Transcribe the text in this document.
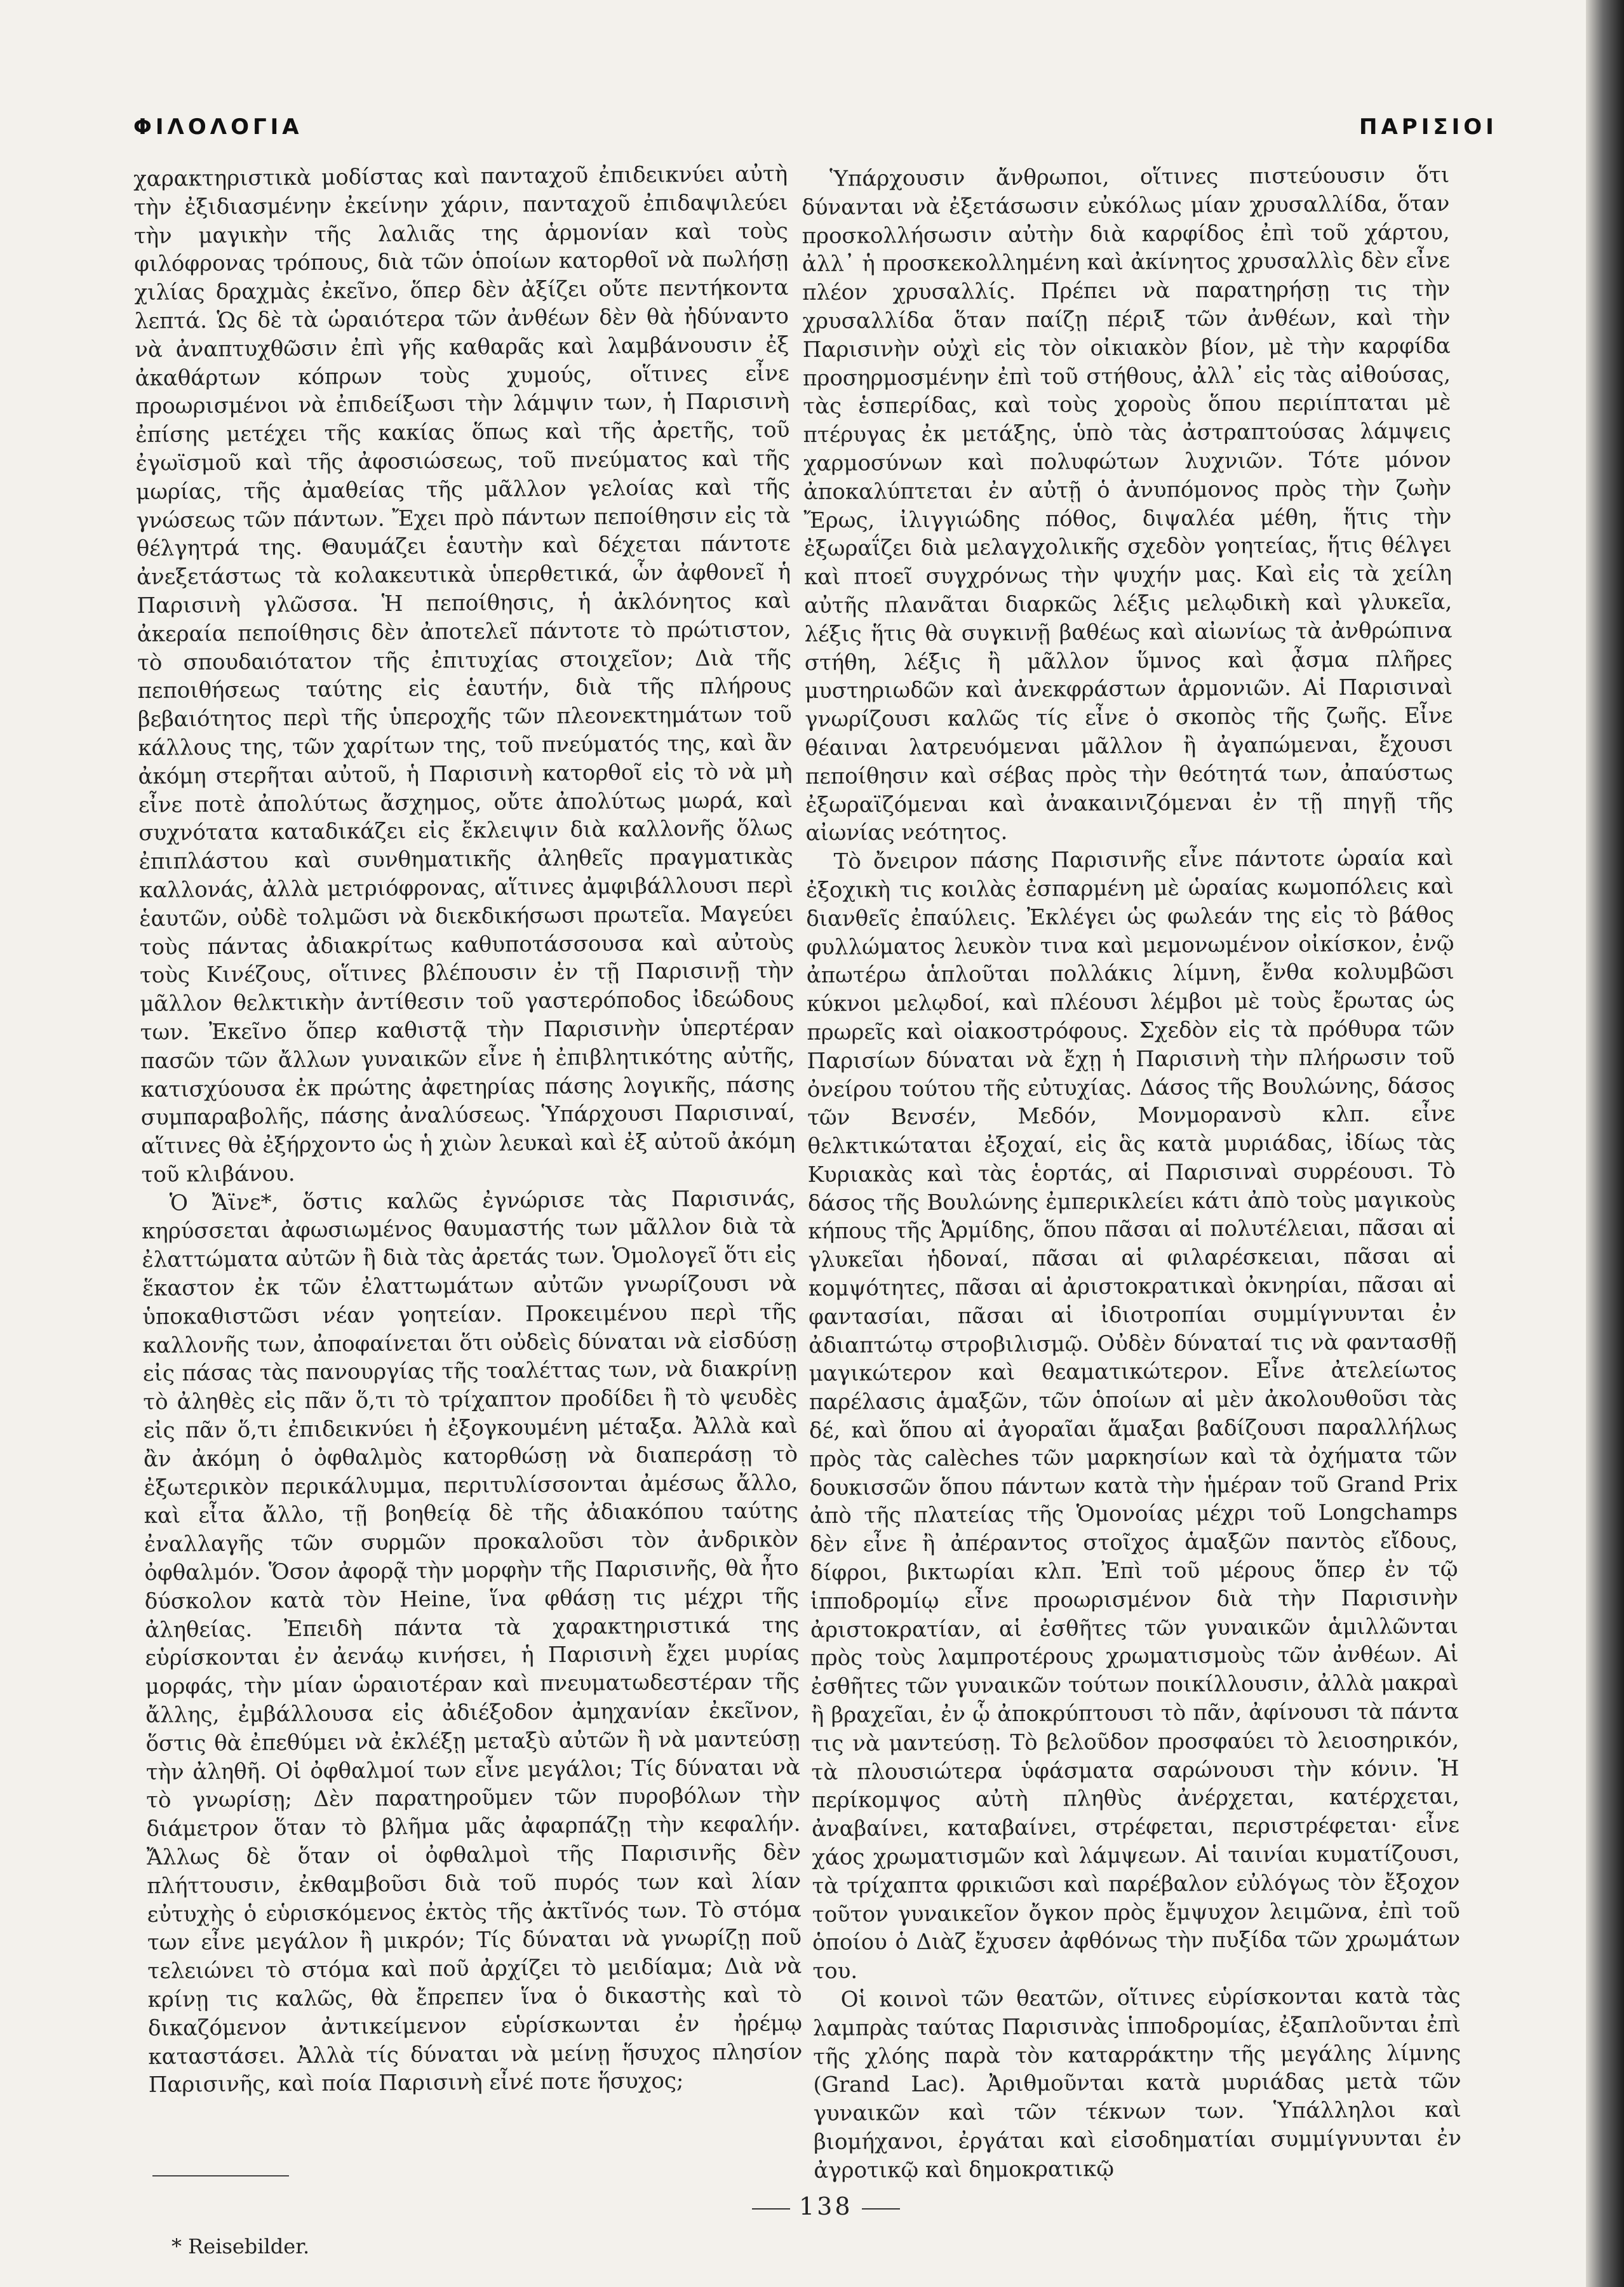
ΦΙΛΟΛΟΓΙΑ	ΠΑΡΙΣΙΟΙ

χαρακτηριστικὰ μοδίστας καὶ πανταχοῦ ἐπιδεικνύει αὐτὴ τὴν ἐξιδιασμένην ἐκείνην χάριν, πανταχοῦ ἐπιδαψιλεύει τὴν μαγικὴν τῆς λαλιᾶς της ἁρμονίαν καὶ τοὺς φιλόφρονας τρόπους, διὰ τῶν ὁποίων κατορθοῖ νὰ πωλήσῃ χιλίας δραχμὰς ἐκεῖνο, ὅπερ δὲν ἀξίζει οὔτε πεντήκοντα λεπτά. Ὡς δὲ τὰ ὡραιότερα τῶν ἀνθέων δὲν θὰ ἠδύναντο νὰ ἀναπτυχθῶσιν ἐπὶ γῆς καθαρᾶς καὶ λαμβάνουσιν ἐξ ἀκαθάρτων κόπρων τοὺς χυμούς, οἵτινες εἶνε προωρισμένοι νὰ ἐπιδείξωσι τὴν λάμψιν των, ἡ Παρισινὴ ἐπίσης μετέχει τῆς κακίας ὅπως καὶ τῆς ἀρετῆς, τοῦ ἐγωϊσμοῦ καὶ τῆς ἀφοσιώσεως, τοῦ πνεύματος καὶ τῆς μωρίας, τῆς ἀμαθείας τῆς μᾶλλον γελοίας καὶ τῆς γνώσεως τῶν πάντων. Ἔχει πρὸ πάντων πεποίθησιν εἰς τὰ θέλγητρά της. Θαυμάζει ἑαυτὴν καὶ δέχεται πάντοτε ἀνεξετάστως τὰ κολακευτικὰ ὑπερθετικά, ὧν ἀφθονεῖ ἡ Παρισινὴ γλῶσσα. Ἡ πεποίθησις, ἡ ἀκλόνητος καὶ ἀκεραία πεποίθησις δὲν ἀποτελεῖ πάντοτε τὸ πρώτιστον, τὸ σπουδαιότατον τῆς ἐπιτυχίας στοιχεῖον; Διὰ τῆς πεποιθήσεως ταύτης εἰς ἑαυτήν, διὰ τῆς πλήρους βεβαιότητος περὶ τῆς ὑπεροχῆς τῶν πλεονεκτημάτων τοῦ κάλλους της, τῶν χαρίτων της, τοῦ πνεύματός της, καὶ ἂν ἀκόμη στερῆται αὐτοῦ, ἡ Παρισινὴ κατορθοῖ εἰς τὸ νὰ μὴ εἶνε ποτὲ ἀπολύτως ἄσχημος, οὔτε ἀπολύτως μωρά, καὶ συχνότατα καταδικάζει εἰς ἔκλειψιν διὰ καλλονῆς ὅλως ἐπιπλάστου καὶ συνθηματικῆς ἀληθεῖς πραγματικὰς καλλονάς, ἀλλὰ μετριόφρονας, αἵτινες ἀμφιβάλλουσι περὶ ἑαυτῶν, οὐδὲ τολμῶσι νὰ διεκδικήσωσι πρωτεῖα. Μαγεύει τοὺς πάντας ἀδιακρίτως καθυποτάσσουσα καὶ αὐτοὺς τοὺς Κινέζους, οἵτινες βλέπουσιν ἐν τῇ Παρισινῇ τὴν μᾶλλον θελκτικὴν ἀντίθεσιν τοῦ γαστερόποδος ἰδεώδους των. Ἐκεῖνο ὅπερ καθιστᾷ τὴν Παρισινὴν ὑπερτέραν πασῶν τῶν ἄλλων γυναικῶν εἶνε ἡ ἐπιβλητικότης αὐτῆς, κατισχύουσα ἐκ πρώτης ἀφετηρίας πάσης λογικῆς, πάσης συμπαραβολῆς, πάσης ἀναλύσεως. Ὑπάρχουσι Παρισιναί, αἵτινες θὰ ἐξήρχοντο ὡς ἡ χιὼν λευκαὶ καὶ ἐξ αὐτοῦ ἀκόμη τοῦ κλιβάνου.

Ὁ Ἄϊνε*, ὅστις καλῶς ἐγνώρισε τὰς Παρισινάς, κηρύσσεται ἀφωσιωμένος θαυμαστής των μᾶλλον διὰ τὰ ἐλαττώματα αὐτῶν ἢ διὰ τὰς ἀρετάς των. Ὁμολογεῖ ὅτι εἰς ἕκαστον ἐκ τῶν ἐλαττωμάτων αὐτῶν γνωρίζουσι νὰ ὑποκαθιστῶσι νέαν γοητείαν. Προκειμένου περὶ τῆς καλλονῆς των, ἀποφαίνεται ὅτι οὐδεὶς δύναται νὰ εἰσδύσῃ εἰς πάσας τὰς πανουργίας τῆς τοαλέττας των, νὰ διακρίνῃ τὸ ἀληθὲς εἰς πᾶν ὅ,τι τὸ τρίχαπτον προδίδει ἢ τὸ ψευδὲς εἰς πᾶν ὅ,τι ἐπιδεικνύει ἡ ἐξογκουμένη μέταξα. Ἀλλὰ καὶ ἂν ἀκόμη ὁ ὀφθαλμὸς κατορθώσῃ νὰ διαπεράσῃ τὸ ἐξωτερικὸν περικάλυμμα, περιτυλίσσονται ἀμέσως ἄλλο, καὶ εἶτα ἄλλο, τῇ βοηθείᾳ δὲ τῆς ἀδιακόπου ταύτης ἐναλλαγῆς τῶν συρμῶν προκαλοῦσι τὸν ἀνδρικὸν ὀφθαλμόν. Ὅσον ἀφορᾷ τὴν μορφὴν τῆς Παρισινῆς, θὰ ἦτο δύσκολον κατὰ τὸν Heine, ἵνα φθάσῃ τις μέχρι τῆς ἀληθείας. Ἐπειδὴ πάντα τὰ χαρακτηριστικά της εὑρίσκονται ἐν ἀενάῳ κινήσει, ἡ Παρισινὴ ἔχει μυρίας μορφάς, τὴν μίαν ὡραιοτέραν καὶ πνευματωδεστέραν τῆς ἄλλης, ἐμβάλλουσα εἰς ἀδιέξοδον ἀμηχανίαν ἐκεῖνον, ὅστις θὰ ἐπεθύμει νὰ ἐκλέξῃ μεταξὺ αὐτῶν ἢ νὰ μαντεύσῃ τὴν ἀληθῆ. Οἱ ὀφθαλμοί των εἶνε μεγάλοι; Τίς δύναται νὰ τὸ γνωρίσῃ; Δὲν παρατηροῦμεν τῶν πυροβόλων τὴν διάμετρον ὅταν τὸ βλῆμα μᾶς ἀφαρπάζῃ τὴν κεφαλήν. Ἄλλως δὲ ὅταν οἱ ὀφθαλμοὶ τῆς Παρισινῆς δὲν πλήττουσιν, ἐκθαμβοῦσι διὰ τοῦ πυρός των καὶ λίαν εὐτυχὴς ὁ εὑρισκόμενος ἐκτὸς τῆς ἀκτῖνός των. Τὸ στόμα των εἶνε μεγάλον ἢ μικρόν; Τίς δύναται νὰ γνωρίζῃ ποῦ τελειώνει τὸ στόμα καὶ ποῦ ἀρχίζει τὸ μειδίαμα; Διὰ νὰ κρίνῃ τις καλῶς, θὰ ἔπρεπεν ἵνα ὁ δικαστὴς καὶ τὸ δικαζόμενον ἀντικείμενον εὑρίσκωνται ἐν ἠρέμῳ καταστάσει. Ἀλλὰ τίς δύναται νὰ μείνῃ ἥσυχος πλησίον Παρισινῆς, καὶ ποία Παρισινὴ εἶνέ ποτε ἥσυχος;

Ὑπάρχουσιν ἄνθρωποι, οἵτινες πιστεύουσιν ὅτι δύνανται νὰ ἐξετάσωσιν εὐκόλως μίαν χρυσαλλίδα, ὅταν προσκολλήσωσιν αὐτὴν διὰ καρφίδος ἐπὶ τοῦ χάρτου, ἀλλ᾽ ἡ προσκεκολλημένη καὶ ἀκίνητος χρυσαλλὶς δὲν εἶνε πλέον χρυσαλλίς. Πρέπει νὰ παρατηρήσῃ τις τὴν χρυσαλλίδα ὅταν παίζῃ πέριξ τῶν ἀνθέων, καὶ τὴν Παρισινὴν οὐχὶ εἰς τὸν οἰκιακὸν βίον, μὲ τὴν καρφίδα προσηρμοσμένην ἐπὶ τοῦ στήθους, ἀλλ᾽ εἰς τὰς αἰθούσας, τὰς ἑσπερίδας, καὶ τοὺς χοροὺς ὅπου περιίπταται μὲ πτέρυγας ἐκ μετάξης, ὑπὸ τὰς ἀστραπτούσας λάμψεις χαρμοσύνων καὶ πολυφώτων λυχνιῶν. Τότε μόνον ἀποκαλύπτεται ἐν αὐτῇ ὁ ἀνυπόμονος πρὸς τὴν ζωὴν Ἔρως, ἰλιγγιώδης πόθος, διψαλέα μέθη, ἥτις τὴν ἐξωραΐζει διὰ μελαγχολικῆς σχεδὸν γοητείας, ἥτις θέλγει καὶ πτοεῖ συγχρόνως τὴν ψυχήν μας. Καὶ εἰς τὰ χείλη αὐτῆς πλανᾶται διαρκῶς λέξις μελῳδικὴ καὶ γλυκεῖα, λέξις ἥτις θὰ συγκινῇ βαθέως καὶ αἰωνίως τὰ ἀνθρώπινα στήθη, λέξις ἢ μᾶλλον ὕμνος καὶ ᾆσμα πλῆρες μυστηριωδῶν καὶ ἀνεκφράστων ἁρμονιῶν. Αἱ Παρισιναὶ γνωρίζουσι καλῶς τίς εἶνε ὁ σκοπὸς τῆς ζωῆς. Εἶνε θέαιναι λατρευόμεναι μᾶλλον ἢ ἀγαπώμεναι, ἔχουσι πεποίθησιν καὶ σέβας πρὸς τὴν θεότητά των, ἀπαύστως ἐξωραϊζόμεναι καὶ ἀνακαινιζόμεναι ἐν τῇ πηγῇ τῆς αἰωνίας νεότητος.

Τὸ ὄνειρον πάσης Παρισινῆς εἶνε πάντοτε ὡραία καὶ ἐξοχικὴ τις κοιλὰς ἐσπαρμένη μὲ ὡραίας κωμοπόλεις καὶ διανθεῖς ἐπαύλεις. Ἐκλέγει ὡς φωλεάν της εἰς τὸ βάθος φυλλώματος λευκὸν τινα καὶ μεμονωμένον οἰκίσκον, ἐνῷ ἀπωτέρω ἁπλοῦται πολλάκις λίμνη, ἔνθα κολυμβῶσι κύκνοι μελῳδοί, καὶ πλέουσι λέμβοι μὲ τοὺς ἔρωτας ὡς πρωρεῖς καὶ οἰακοστρόφους. Σχεδὸν εἰς τὰ πρόθυρα τῶν Παρισίων δύναται νὰ ἔχῃ ἡ Παρισινὴ τὴν πλήρωσιν τοῦ ὀνείρου τούτου τῆς εὐτυχίας. Δάσος τῆς Βουλώνης, δάσος τῶν Βενσέν, Μεδόν, Μονμορανσὺ κλπ. εἶνε θελκτικώταται ἐξοχαί, εἰς ἃς κατὰ μυριάδας, ἰδίως τὰς Κυριακὰς καὶ τὰς ἑορτάς, αἱ Παρισιναὶ συρρέουσι. Τὸ δάσος τῆς Βουλώνης ἐμπερικλείει κάτι ἀπὸ τοὺς μαγικοὺς κήπους τῆς Ἁρμίδης, ὅπου πᾶσαι αἱ πολυτέλειαι, πᾶσαι αἱ γλυκεῖαι ἡδοναί, πᾶσαι αἱ φιλαρέσκειαι, πᾶσαι αἱ κομψότητες, πᾶσαι αἱ ἀριστοκρατικαὶ ὀκνηρίαι, πᾶσαι αἱ φαντασίαι, πᾶσαι αἱ ἰδιοτροπίαι συμμίγνυνται ἐν ἀδιαπτώτῳ στροβιλισμῷ. Οὐδὲν δύναταί τις νὰ φαντασθῇ μαγικώτερον καὶ θεαματικώτερον. Εἶνε ἀτελείωτος παρέλασις ἁμαξῶν, τῶν ὁποίων αἱ μὲν ἀκολουθοῦσι τὰς δέ, καὶ ὅπου αἱ ἀγοραῖαι ἅμαξαι βαδίζουσι παραλλήλως πρὸς τὰς calèches τῶν μαρκησίων καὶ τὰ ὀχήματα τῶν δουκισσῶν ὅπου πάντων κατὰ τὴν ἡμέραν τοῦ Grand Prix ἀπὸ τῆς πλατείας τῆς Ὁμονοίας μέχρι τοῦ Longchamps δὲν εἶνε ἢ ἀπέραντος στοῖχος ἁμαξῶν παντὸς εἴδους, δίφροι, βικτωρίαι κλπ. Ἐπὶ τοῦ μέρους ὅπερ ἐν τῷ ἱπποδρομίῳ εἶνε προωρισμένον διὰ τὴν Παρισινὴν ἀριστοκρατίαν, αἱ ἐσθῆτες τῶν γυναικῶν ἁμιλλῶνται πρὸς τοὺς λαμπροτέρους χρωματισμοὺς τῶν ἀνθέων. Αἱ ἐσθῆτες τῶν γυναικῶν τούτων ποικίλλουσιν, ἀλλὰ μακραὶ ἢ βραχεῖαι, ἐν ᾧ ἀποκρύπτουσι τὸ πᾶν, ἀφίνουσι τὰ πάντα τις νὰ μαντεύσῃ. Τὸ βελοῦδον προσφαύει τὸ λειοσηρικόν, τὰ πλουσιώτερα ὑφάσματα σαρώνουσι τὴν κόνιν. Ἡ περίκομψος αὐτὴ πληθὺς ἀνέρχεται, κατέρχεται, ἀναβαίνει, καταβαίνει, στρέφεται, περιστρέφεται· εἶνε χάος χρωματισμῶν καὶ λάμψεων. Αἱ ταινίαι κυματίζουσι, τὰ τρίχαπτα φρικιῶσι καὶ παρέβαλον εὐλόγως τὸν ἔξοχον τοῦτον γυναικεῖον ὄγκον πρὸς ἔμψυχον λειμῶνα, ἐπὶ τοῦ ὁποίου ὁ Διὰζ ἔχυσεν ἀφθόνως τὴν πυξίδα τῶν χρωμάτων του.

Οἱ κοινοὶ τῶν θεατῶν, οἵτινες εὑρίσκονται κατὰ τὰς λαμπρὰς ταύτας Παρισινὰς ἱπποδρομίας, ἐξαπλοῦνται ἐπὶ τῆς χλόης παρὰ τὸν καταρράκτην τῆς μεγάλης λίμνης (Grand Lac). Ἀριθμοῦνται κατὰ μυριάδας μετὰ τῶν γυναικῶν καὶ τῶν τέκνων των. Ὑπάλληλοι καὶ βιομήχανοι, ἐργάται καὶ εἰσοδηματίαι συμμίγνυνται ἐν ἀγροτικῷ καὶ δημοκρατικῷ

* Reisebilder.
138
